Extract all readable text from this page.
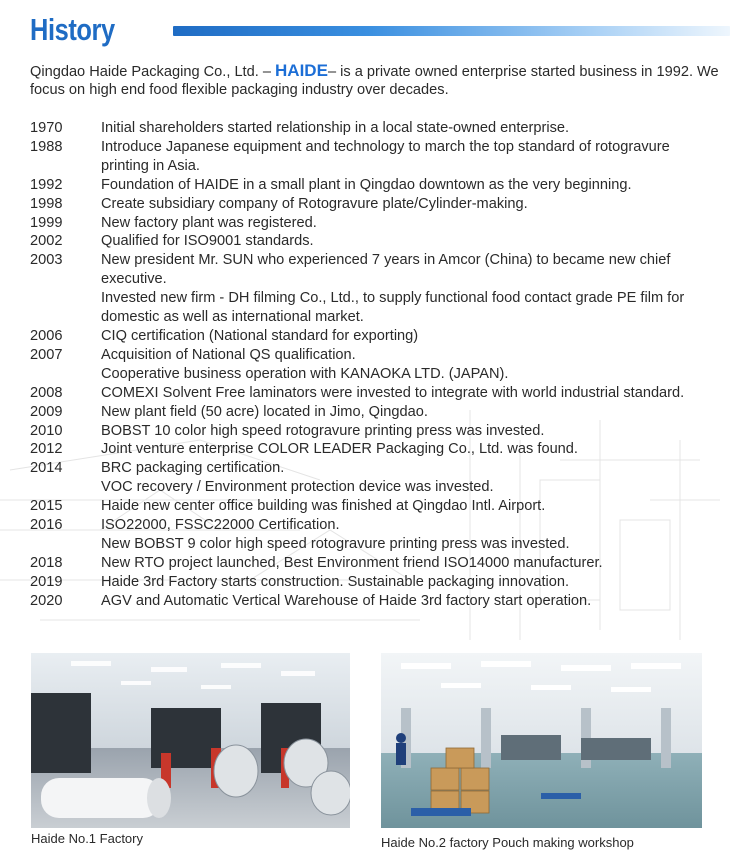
History
Qingdao Haide Packaging Co., Ltd. – HAIDE– is a private owned enterprise started business in 1992. We focus on high end food flexible packaging industry over decades.
1970	Initial shareholders started relationship in a local state-owned enterprise.
1988	Introduce Japanese equipment and technology to march the top standard of rotogravure printing in Asia.
1992	Foundation of HAIDE in a small plant in Qingdao downtown as the very beginning.
1998	Create subsidiary company of Rotogravure plate/Cylinder-making.
1999	New factory plant was registered.
2002	Qualified for ISO9001 standards.
2003	New president Mr. SUN who experienced 7 years in Amcor (China) to became new chief executive.
Invested new firm - DH filming Co., Ltd., to supply functional food contact grade PE film for domestic as well as international market.
2006	CIQ certification (National standard for exporting)
2007	Acquisition of National QS qualification.
Cooperative business operation with KANAOKA LTD. (JAPAN).
2008	COMEXI Solvent Free laminators were invested to integrate with world industrial standard.
2009	New plant field (50 acre) located in Jimo, Qingdao.
2010	BOBST 10 color high speed rotogravure printing press was invested.
2012	Joint venture enterprise COLOR LEADER Packaging Co., Ltd. was found.
2014	BRC packaging certification.
VOC recovery / Environment protection device was invested.
2015	Haide new center office building was finished at Qingdao Intl. Airport.
2016	ISO22000, FSSC22000 Certification.
New BOBST 9 color high speed rotogravure printing press was invested.
2018	New RTO project launched, Best Environment friend ISO14000 manufacturer.
2019	Haide 3rd Factory starts construction. Sustainable packaging innovation.
2020	AGV and Automatic Vertical Warehouse of Haide 3rd factory start operation.
Haide No.1 Factory	Haide No.2 factory Pouch making workshop
